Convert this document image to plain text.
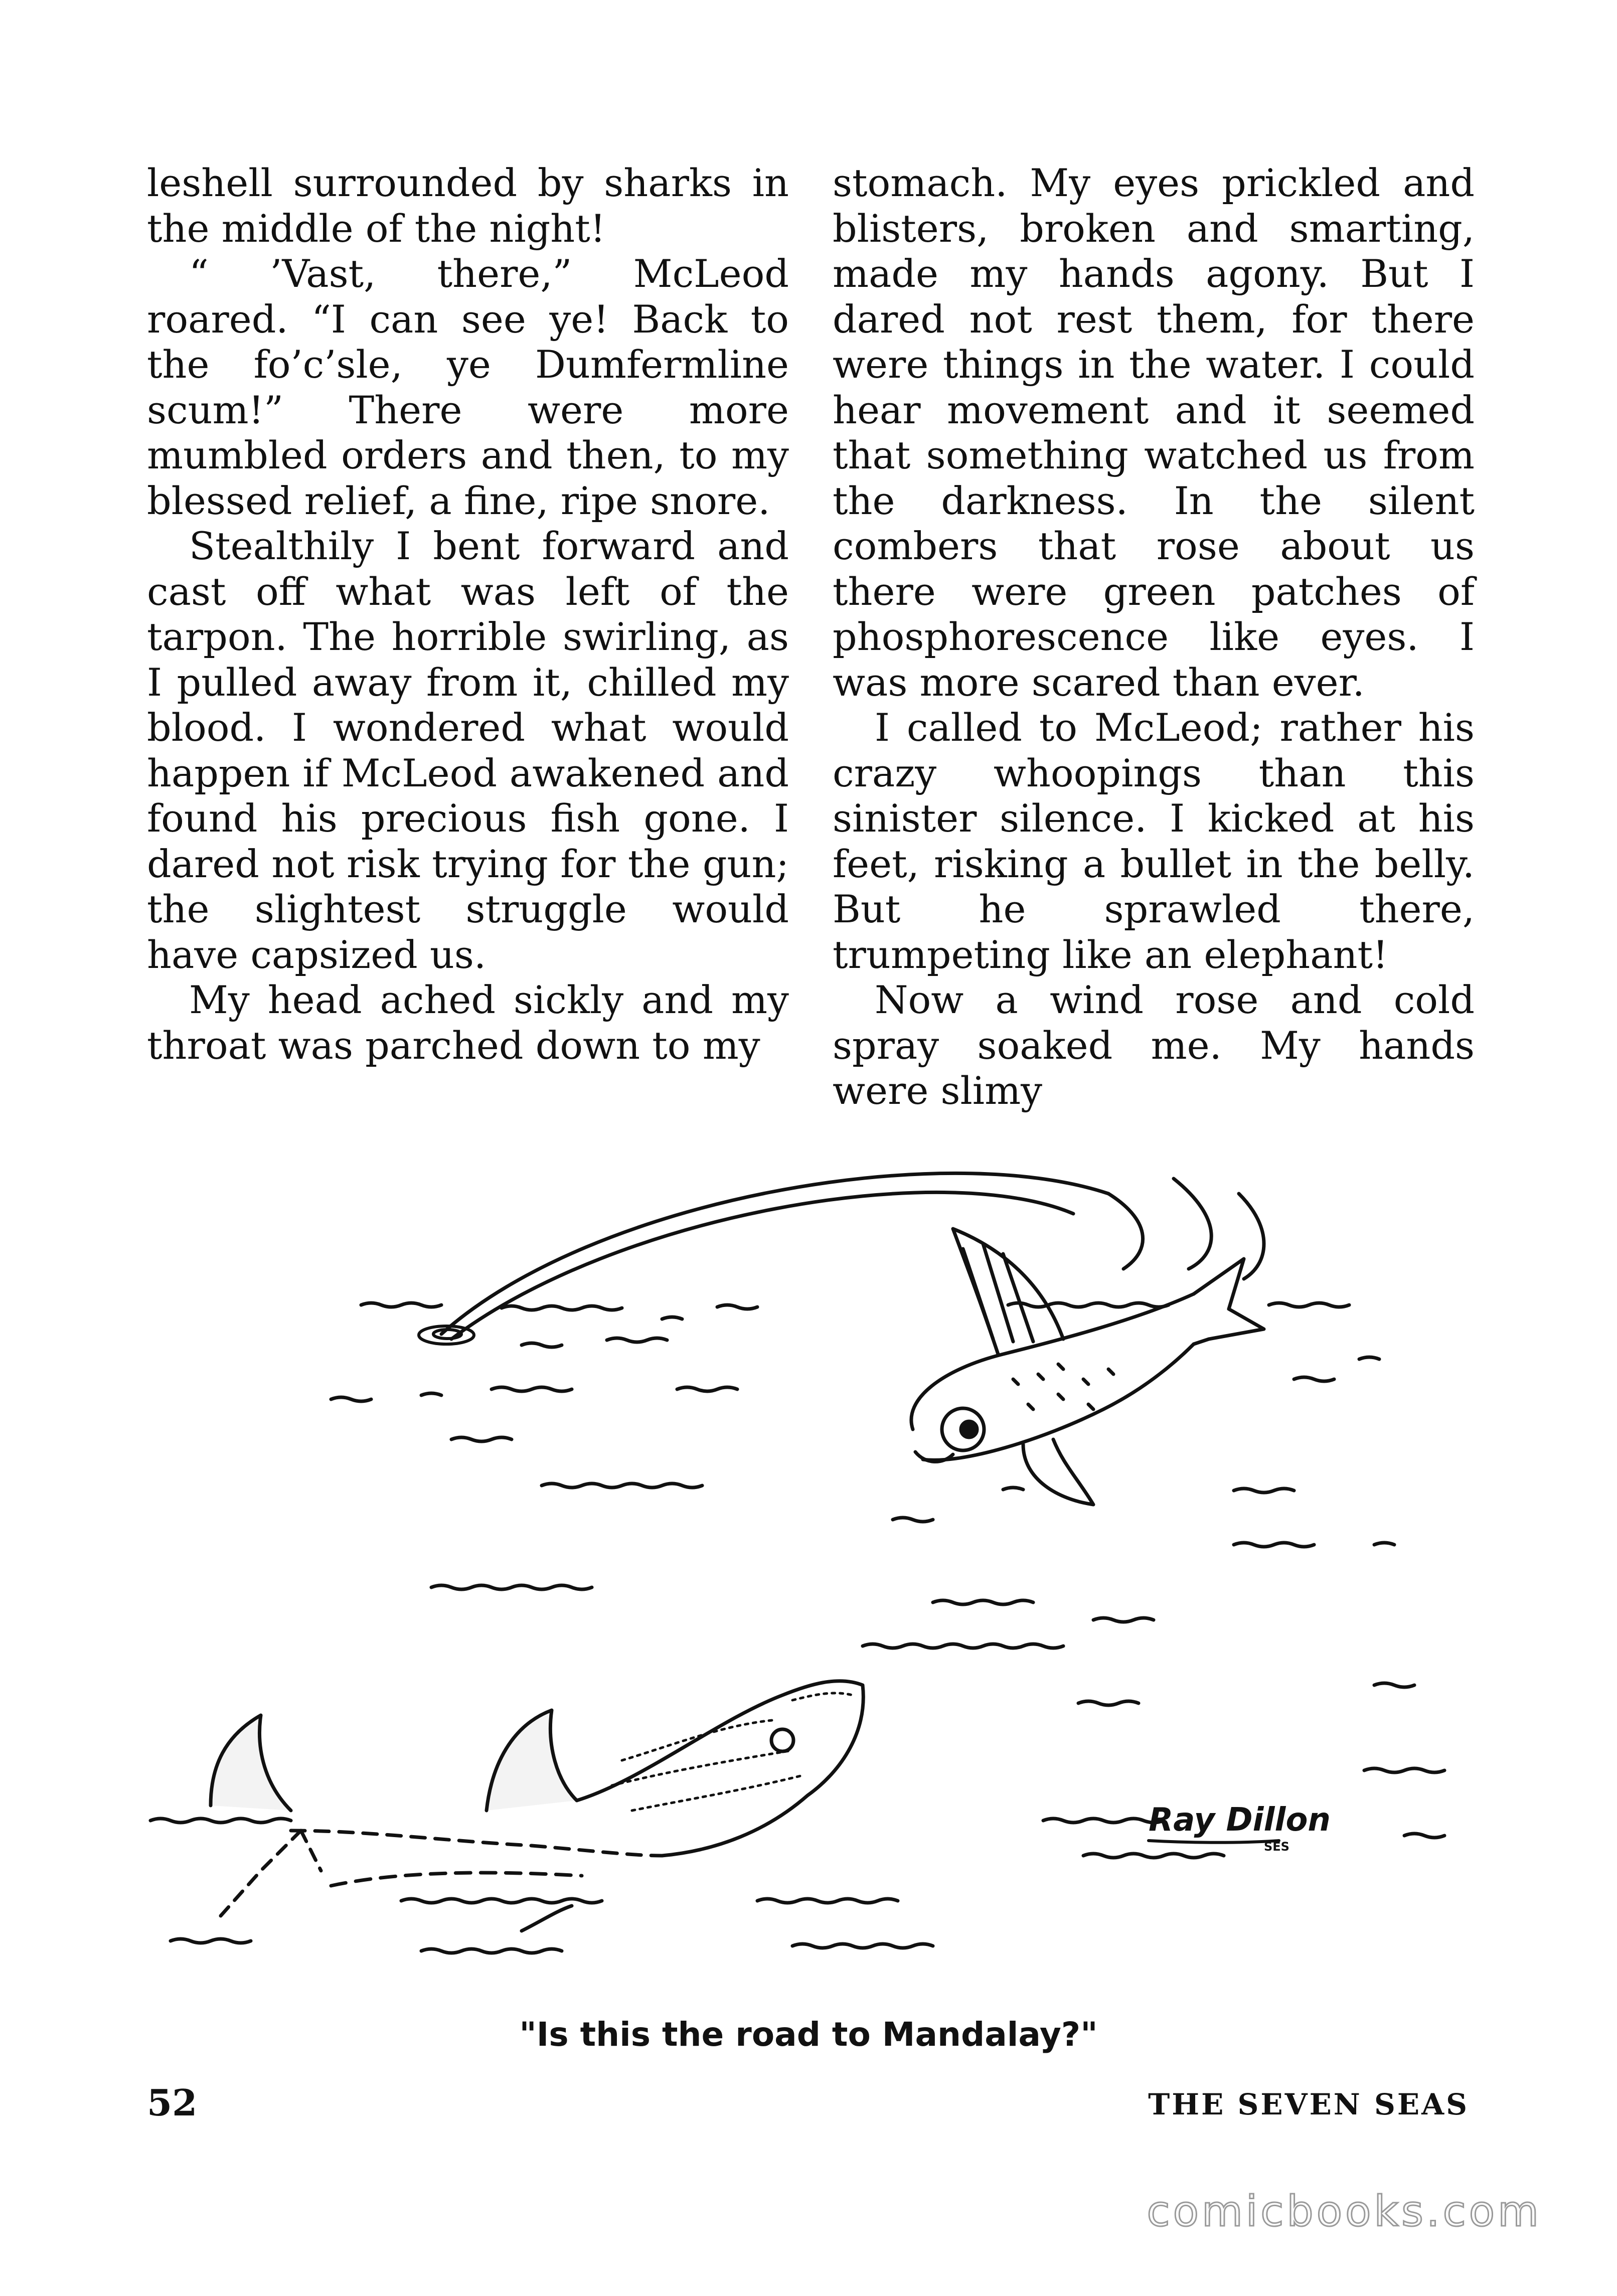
leshell surrounded by sharks in the middle of the night!

“ ’Vast, there,” McLeod roared. “I can see ye! Back to the fo’c’sle, ye Dumfermline scum!” There were more mumbled orders and then, to my blessed relief, a fine, ripe snore.

Stealthily I bent forward and cast off what was left of the tarpon. The horrible swirling, as I pulled away from it, chilled my blood. I wondered what would happen if McLeod awakened and found his precious fish gone. I dared not risk trying for the gun; the slightest struggle would have capsized us.

My head ached sickly and my throat was parched down to my

stomach. My eyes prickled and blisters, broken and smarting, made my hands agony. But I dared not rest them, for there were things in the water. I could hear movement and it seemed that something watched us from the darkness. In the silent combers that rose about us there were green patches of phosphorescence like eyes. I was more scared than ever.

I called to McLeod; rather his crazy whoopings than this sinister silence. I kicked at his feet, risking a bullet in the belly. But he sprawled there, trumpeting like an elephant!

Now a wind rose and cold spray soaked me. My hands were slimy

Ray Dillon
SES
"Is this the road to Mandalay?"
52	THE SEVEN SEAS
comicbooks.com
